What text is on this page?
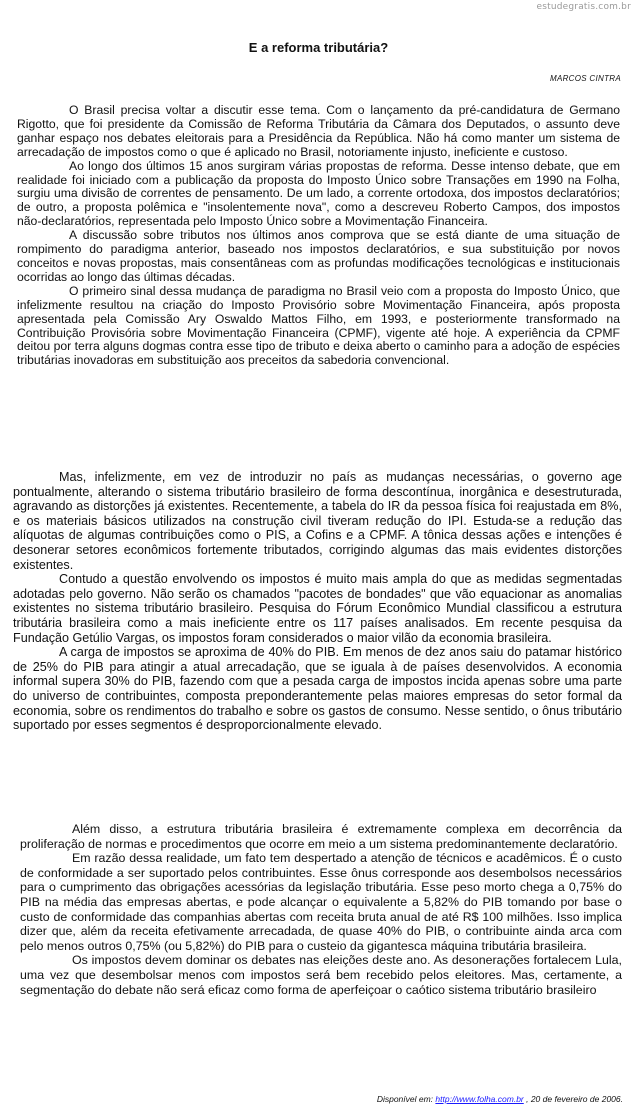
estudegratis.com.br
E a reforma tributária?
MARCOS CINTRA

O Brasil precisa voltar a discutir esse tema. Com o lançamento da pré-candidatura de Germano Rigotto, que foi presidente da Comissão de Reforma Tributária da Câmara dos Deputados, o assunto deve ganhar espaço nos debates eleitorais para a Presidência da República. Não há como manter um sistema de arrecadação de impostos como o que é aplicado no Brasil, notoriamente injusto, ineficiente e custoso.

Ao longo dos últimos 15 anos surgiram várias propostas de reforma. Desse intenso debate, que em realidade foi iniciado com a publicação da proposta do Imposto Único sobre Transações em 1990 na Folha, surgiu uma divisão de correntes de pensamento. De um lado, a corrente ortodoxa, dos impostos declaratórios; de outro, a proposta polêmica e "insolentemente nova", como a descreveu Roberto Campos, dos impostos não-declaratórios, representada pelo Imposto Único sobre a Movimentação Financeira.

A discussão sobre tributos nos últimos anos comprova que se está diante de uma situação de rompimento do paradigma anterior, baseado nos impostos declaratórios, e sua substituição por novos conceitos e novas propostas, mais consentâneas com as profundas modificações tecnológicas e institucionais ocorridas ao longo das últimas décadas.

O primeiro sinal dessa mudança de paradigma no Brasil veio com a proposta do Imposto Único, que infelizmente resultou na criação do Imposto Provisório sobre Movimentação Financeira, após proposta apresentada pela Comissão Ary Oswaldo Mattos Filho, em 1993, e posteriormente transformado na Contribuição Provisória sobre Movimentação Financeira (CPMF), vigente até hoje. A experiência da CPMF deitou por terra alguns dogmas contra esse tipo de tributo e deixa aberto o caminho para a adoção de espécies tributárias inovadoras em substituição aos preceitos da sabedoria convencional.

Mas, infelizmente, em vez de introduzir no país as mudanças necessárias, o governo age pontualmente, alterando o sistema tributário brasileiro de forma descontínua, inorgânica e desestruturada, agravando as distorções já existentes. Recentemente, a tabela do IR da pessoa física foi reajustada em 8%, e os materiais básicos utilizados na construção civil tiveram redução do IPI. Estuda-se a redução das alíquotas de algumas contribuições como o PIS, a Cofins e a CPMF. A tônica dessas ações e intenções é desonerar setores econômicos fortemente tributados, corrigindo algumas das mais evidentes distorções existentes.

Contudo a questão envolvendo os impostos é muito mais ampla do que as medidas segmentadas adotadas pelo governo. Não serão os chamados "pacotes de bondades" que vão equacionar as anomalias existentes no sistema tributário brasileiro. Pesquisa do Fórum Econômico Mundial classificou a estrutura tributária brasileira como a mais ineficiente entre os 117 países analisados. Em recente pesquisa da Fundação Getúlio Vargas, os impostos foram considerados o maior vilão da economia brasileira.

A carga de impostos se aproxima de 40% do PIB. Em menos de dez anos saiu do patamar histórico de 25% do PIB para atingir a atual arrecadação, que se iguala à de países desenvolvidos. A economia informal supera 30% do PIB, fazendo com que a pesada carga de impostos incida apenas sobre uma parte do universo de contribuintes, composta preponderantemente pelas maiores empresas do setor formal da economia, sobre os rendimentos do trabalho e sobre os gastos de consumo. Nesse sentido, o ônus tributário suportado por esses segmentos é desproporcionalmente elevado.

Além disso, a estrutura tributária brasileira é extremamente complexa em decorrência da proliferação de normas e procedimentos que ocorre em meio a um sistema predominantemente declaratório.

Em razão dessa realidade, um fato tem despertado a atenção de técnicos e acadêmicos. É o custo de conformidade a ser suportado pelos contribuintes. Esse ônus corresponde aos desembolsos necessários para o cumprimento das obrigações acessórias da legislação tributária. Esse peso morto chega a 0,75% do PIB na média das empresas abertas, e pode alcançar o equivalente a 5,82% do PIB tomando por base o custo de conformidade das companhias abertas com receita bruta anual de até R$ 100 milhões. Isso implica dizer que, além da receita efetivamente arrecadada, de quase 40% do PIB, o contribuinte ainda arca com pelo menos outros 0,75% (ou 5,82%) do PIB para o custeio da gigantesca máquina tributária brasileira.

Os impostos devem dominar os debates nas eleições deste ano. As desonerações fortalecem Lula, uma vez que desembolsar menos com impostos será bem recebido pelos eleitores. Mas, certamente, a segmentação do debate não será eficaz como forma de aperfeiçoar o caótico sistema tributário brasileiro

Disponível em: http://www.folha.com.br , 20 de fevereiro de 2006.
